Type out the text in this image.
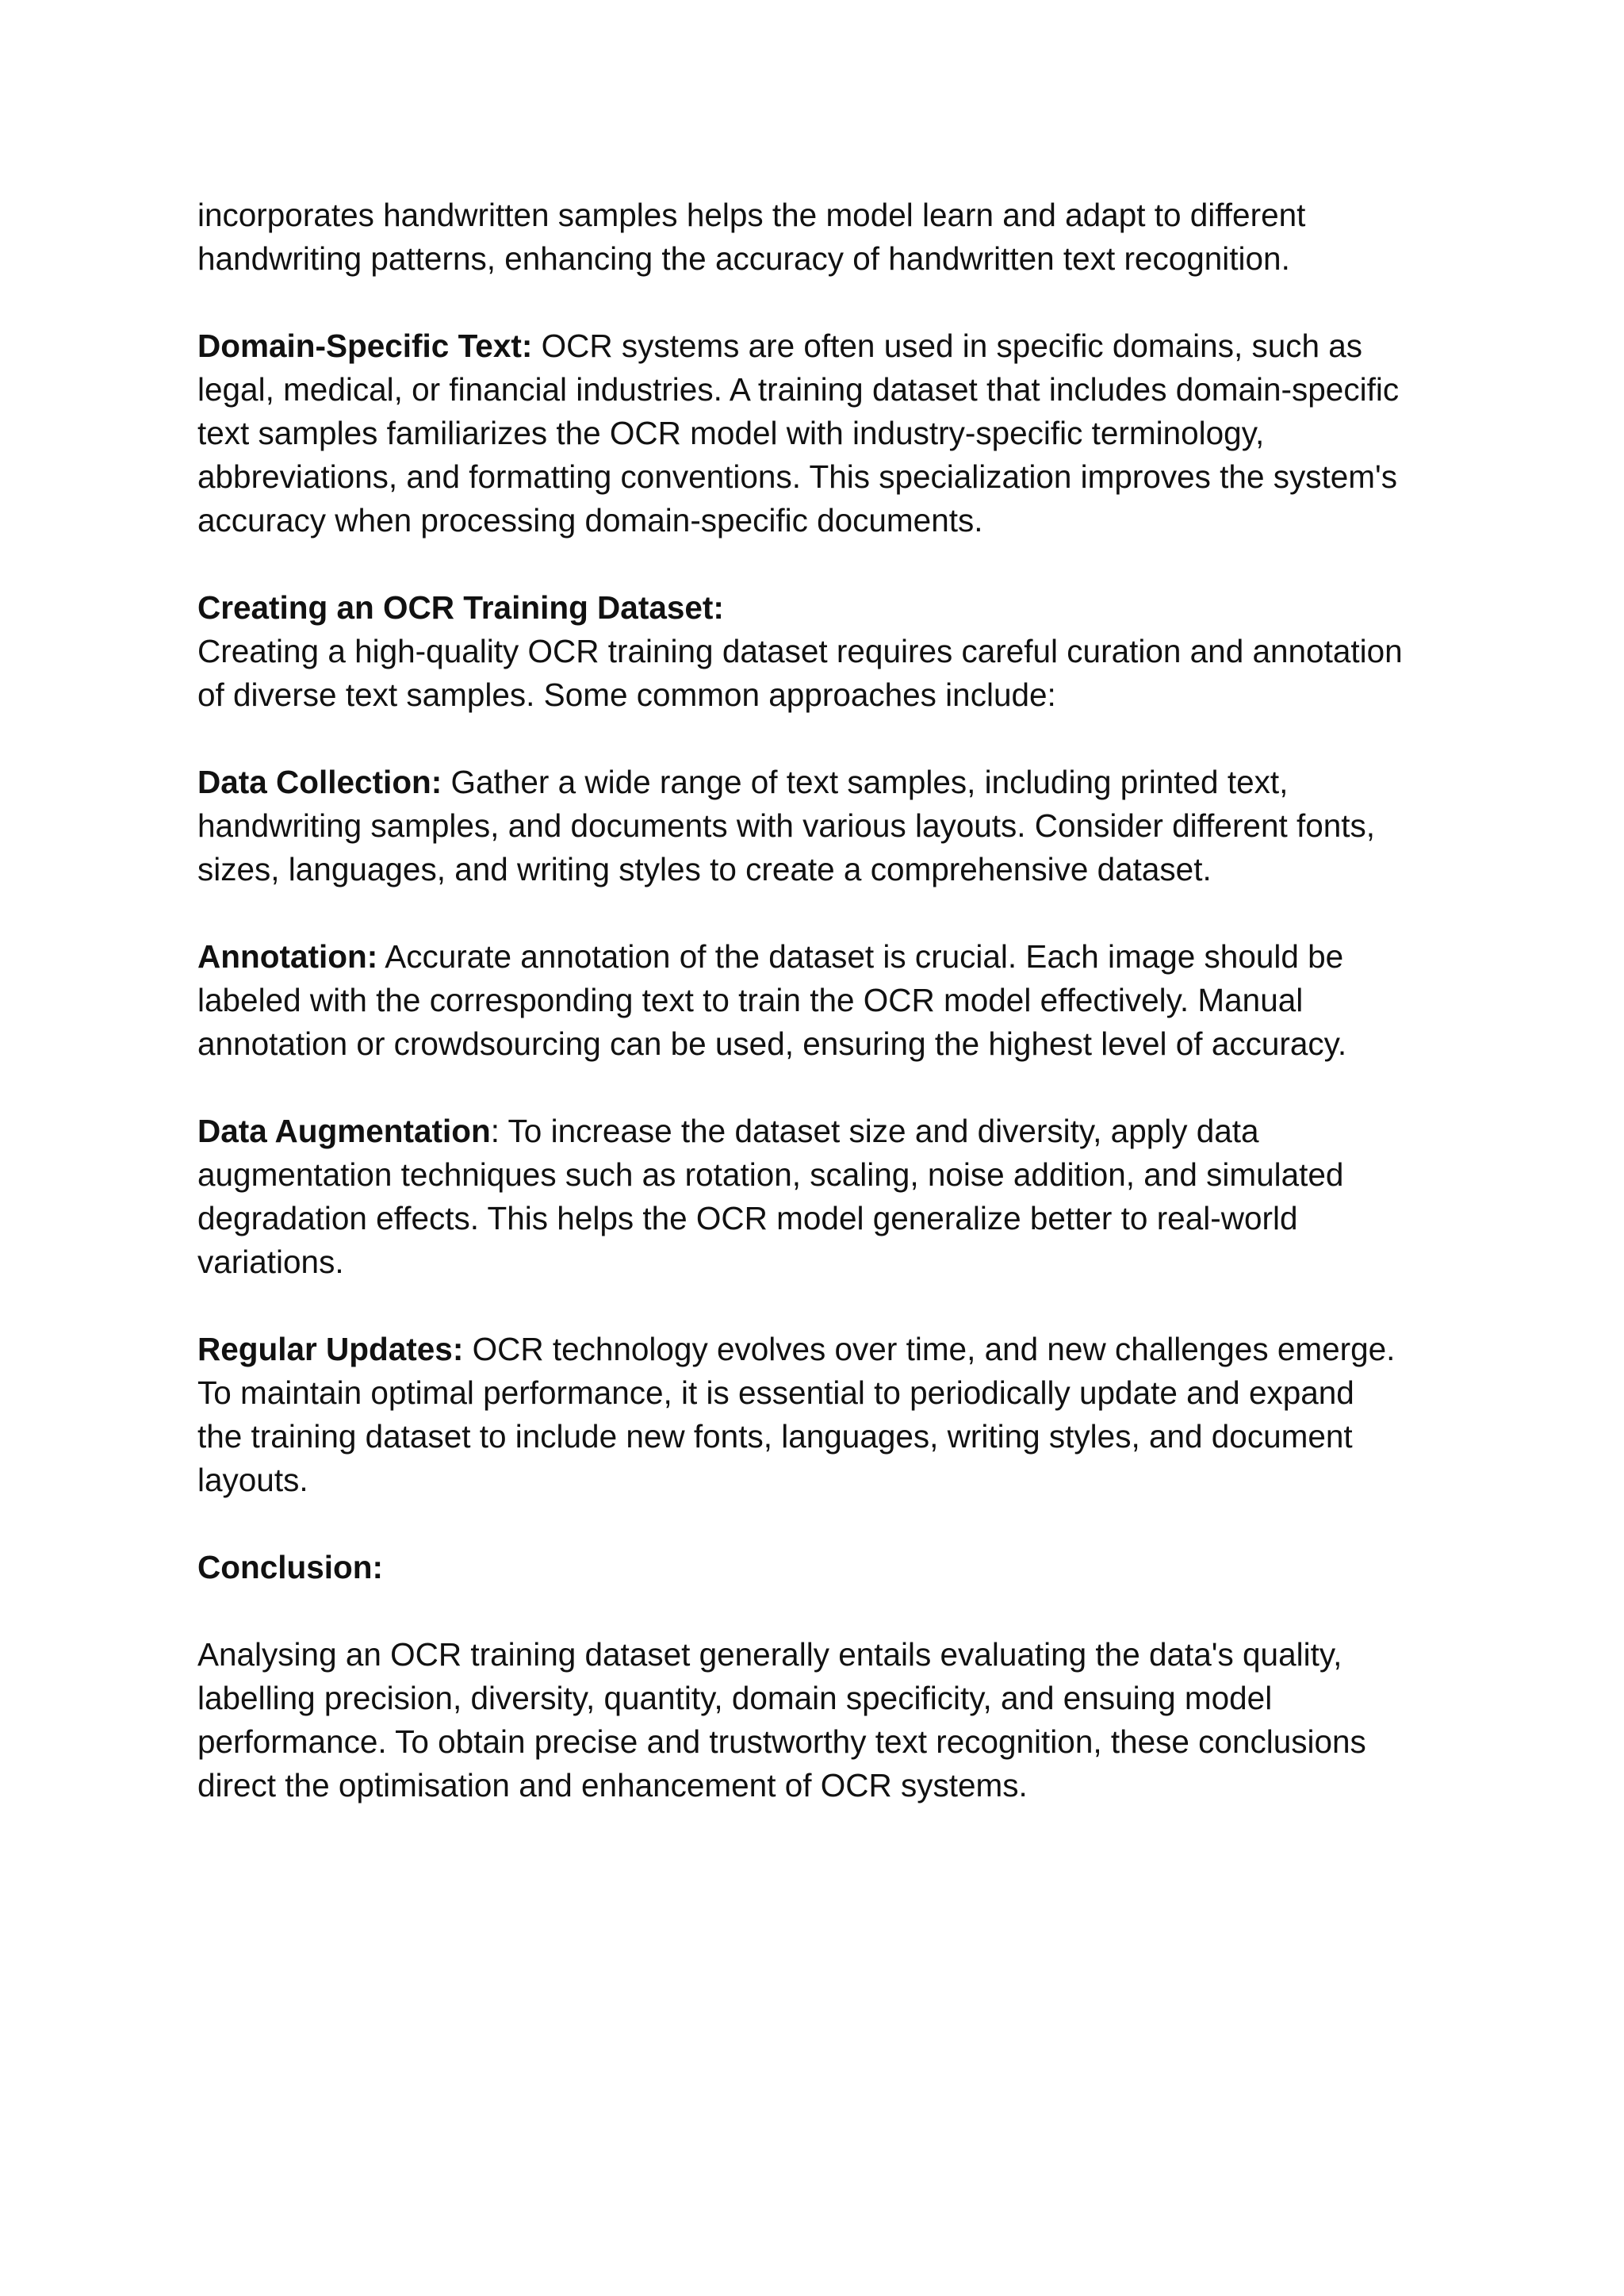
incorporates handwritten samples helps the model learn and adapt to different
handwriting patterns, enhancing the accuracy of handwritten text recognition.

Domain-Specific Text: OCR systems are often used in specific domains, such as
legal, medical, or financial industries. A training dataset that includes domain-specific
text samples familiarizes the OCR model with industry-specific terminology,
abbreviations, and formatting conventions. This specialization improves the system's
accuracy when processing domain-specific documents.

Creating an OCR Training Dataset:
Creating a high-quality OCR training dataset requires careful curation and annotation
of diverse text samples. Some common approaches include:

Data Collection: Gather a wide range of text samples, including printed text,
handwriting samples, and documents with various layouts. Consider different fonts,
sizes, languages, and writing styles to create a comprehensive dataset.

Annotation: Accurate annotation of the dataset is crucial. Each image should be
labeled with the corresponding text to train the OCR model effectively. Manual
annotation or crowdsourcing can be used, ensuring the highest level of accuracy.

Data Augmentation: To increase the dataset size and diversity, apply data
augmentation techniques such as rotation, scaling, noise addition, and simulated
degradation effects. This helps the OCR model generalize better to real-world
variations.

Regular Updates: OCR technology evolves over time, and new challenges emerge.
To maintain optimal performance, it is essential to periodically update and expand
the training dataset to include new fonts, languages, writing styles, and document
layouts.

Conclusion:

Analysing an OCR training dataset generally entails evaluating the data's quality,
labelling precision, diversity, quantity, domain specificity, and ensuing model
performance. To obtain precise and trustworthy text recognition, these conclusions
direct the optimisation and enhancement of OCR systems.
